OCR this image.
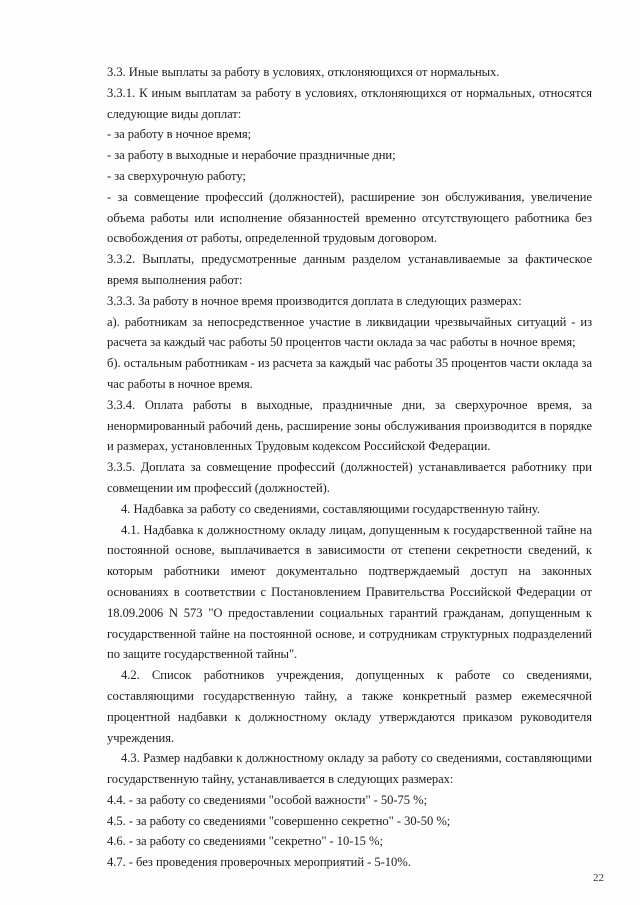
3.3. Иные выплаты за работу в условиях, отклоняющихся от нормальных.

3.3.1. К иным выплатам за работу в условиях, отклоняющихся от нормальных, относятся следующие виды доплат:

- за работу в ночное время;

- за работу в выходные и нерабочие праздничные дни;

- за сверхурочную работу;

- за совмещение профессий (должностей), расширение зон обслуживания, увеличение объема работы или исполнение обязанностей временно отсутствующего работника без освобождения от работы, определенной трудовым договором.

3.3.2. Выплаты, предусмотренные данным разделом устанавливаемые за фактическое время выполнения работ:

3.3.3. За работу в ночное время производится доплата в следующих размерах:

а). работникам за непосредственное участие в ликвидации чрезвычайных ситуаций - из расчета за каждый час работы 50 процентов части оклада за час работы в ночное время;

б). остальным работникам - из расчета за каждый час работы 35 процентов части оклада за час работы в ночное время.

3.3.4. Оплата работы в выходные, праздничные дни, за сверхурочное время, за ненормированный рабочий день, расширение зоны обслуживания производится в порядке и размерах, установленных Трудовым кодексом Российской Федерации.

3.3.5. Доплата за совмещение профессий (должностей) устанавливается работнику при совмещении им профессий (должностей).

4. Надбавка за работу со сведениями, составляющими государственную тайну.

4.1. Надбавка к должностному окладу лицам, допущенным к государственной тайне на постоянной основе, выплачивается в зависимости от степени секретности сведений, к которым работники имеют документально подтверждаемый доступ на законных основаниях в соответствии с Постановлением Правительства Российской Федерации от 18.09.2006 N 573 "О предоставлении социальных гарантий гражданам, допущенным к государственной тайне на постоянной основе, и сотрудникам структурных подразделений по защите государственной тайны".

4.2. Список работников учреждения, допущенных к работе со сведениями, составляющими государственную тайну, а также конкретный размер ежемесячной процентной надбавки к должностному окладу утверждаются приказом руководителя учреждения.

4.3. Размер надбавки к должностному окладу за работу со сведениями, составляющими государственную тайну, устанавливается в следующих размерах:

4.4. - за работу со сведениями "особой важности" - 50-75 %;

4.5. - за работу со сведениями "совершенно секретно" - 30-50 %;

4.6. - за работу со сведениями "секретно" - 10-15 %;

4.7. - без проведения проверочных мероприятий - 5-10%.

22
